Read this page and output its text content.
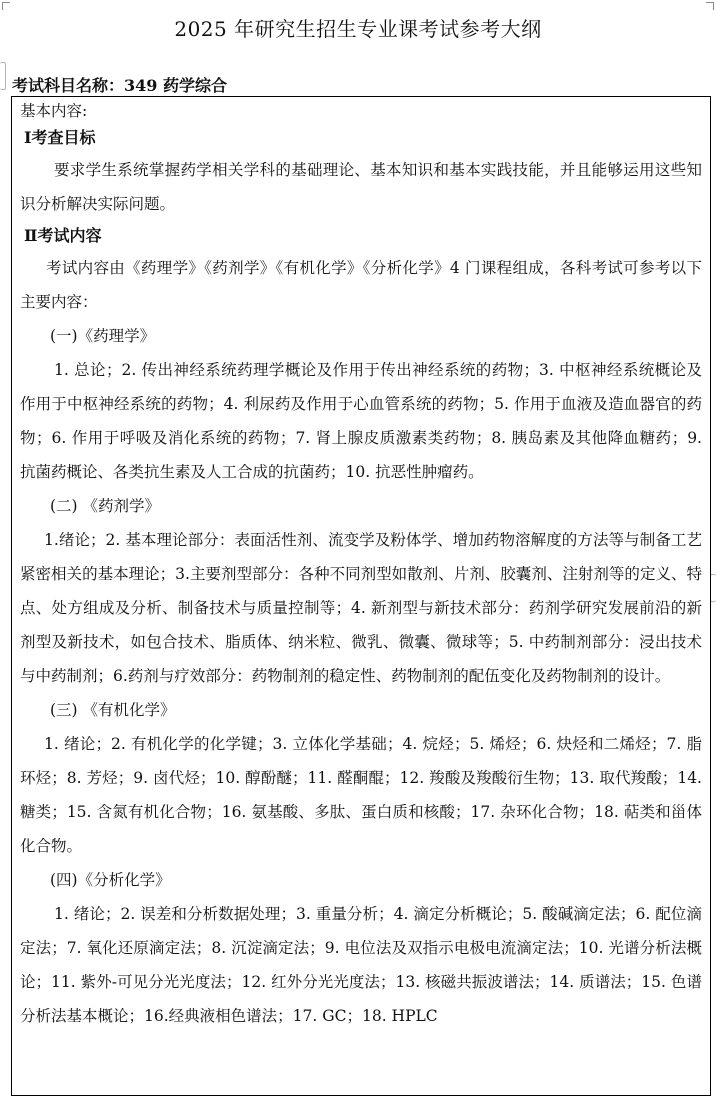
2025 年研究生招生专业课考试参考大纲
考试科目名称：349 药学综合

基本内容:

Ⅰ考查目标

要求学生系统掌握药学相关学科的基础理论、基本知识和基本实践技能，并且能够运用这些知识分析解决实际问题。

Ⅱ考试内容

考试内容由《药理学》《药剂学》《有机化学》《分析化学》4 门课程组成，各科考试可参考以下主要内容：

(一)《药理学》

1. 总论；2. 传出神经系统药理学概论及作用于传出神经系统的药物；3. 中枢神经系统概论及作用于中枢神经系统的药物；4. 利尿药及作用于心血管系统的药物；5. 作用于血液及造血器官的药物；6. 作用于呼吸及消化系统的药物；7. 肾上腺皮质激素类药物；8. 胰岛素及其他降血糖药；9. 抗菌药概论、各类抗生素及人工合成的抗菌药；10. 抗恶性肿瘤药。

(二) 《药剂学》

1.绪论；2. 基本理论部分：表面活性剂、流变学及粉体学、增加药物溶解度的方法等与制备工艺紧密相关的基本理论；3.主要剂型部分：各种不同剂型如散剂、片剂、胶囊剂、注射剂等的定义、特点、处方组成及分析、制备技术与质量控制等；4. 新剂型与新技术部分：药剂学研究发展前沿的新剂型及新技术，如包合技术、脂质体、纳米粒、微乳、微囊、微球等；5. 中药制剂部分：浸出技术与中药制剂；6.药剂与疗效部分：药物制剂的稳定性、药物制剂的配伍变化及药物制剂的设计。

(三) 《有机化学》

1. 绪论；2. 有机化学的化学键；3. 立体化学基础；4. 烷烃；5. 烯烃；6. 炔烃和二烯烃；7. 脂环烃；8. 芳烃；9. 卤代烃；10. 醇酚醚；11. 醛酮醌；12. 羧酸及羧酸衍生物；13. 取代羧酸；14. 糖类；15. 含氮有机化合物；16. 氨基酸、多肽、蛋白质和核酸；17. 杂环化合物；18. 萜类和甾体化合物。

(四)《分析化学》

1. 绪论；2. 误差和分析数据处理；3. 重量分析；4. 滴定分析概论；5. 酸碱滴定法；6. 配位滴定法；7. 氧化还原滴定法；8. 沉淀滴定法；9. 电位法及双指示电极电流滴定法；10. 光谱分析法概论；11. 紫外-可见分光光度法；12. 红外分光光度法；13. 核磁共振波谱法；14. 质谱法；15. 色谱分析法基本概论；16.经典液相色谱法；17. GC；18. HPLC
